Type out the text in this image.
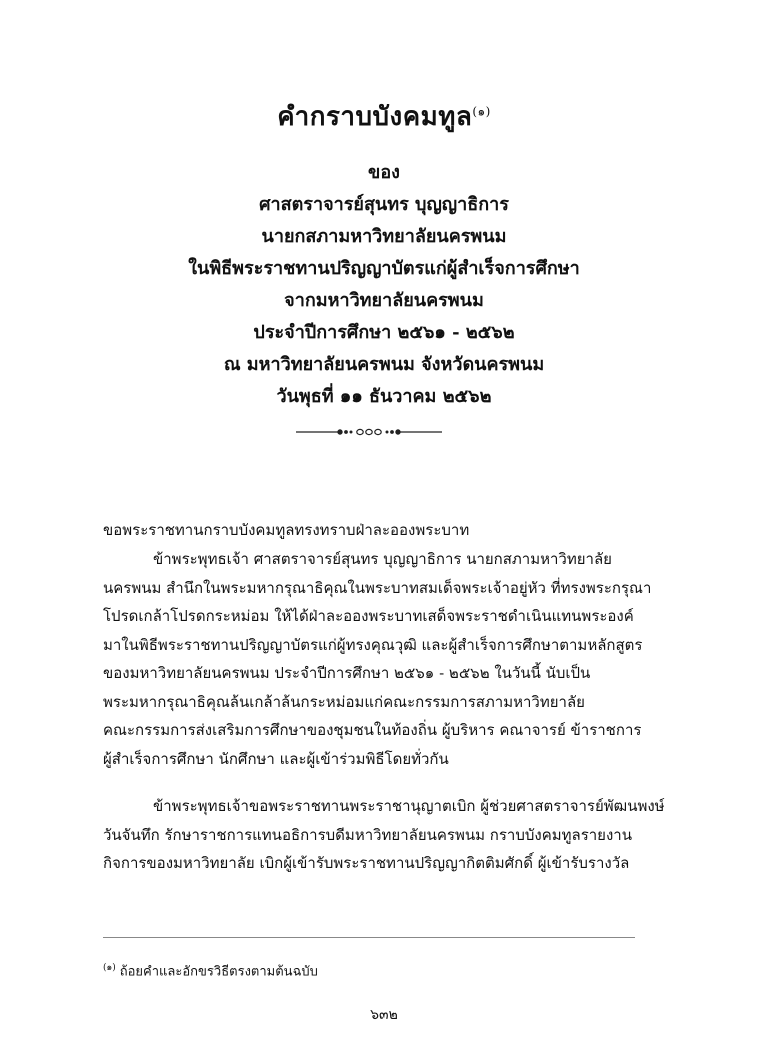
คำกราบบังคมทูล$^{(๑)}$
ของ
ศาสตราจารย์สุนทร บุญญาธิการ
นายกสภามหาวิทยาลัยนครพนม
ในพิธีพระราชทานปริญญาบัตรแก่ผู้สำเร็จการศึกษา
จากมหาวิทยาลัยนครพนม
ประจำปีการศึกษา ๒๕๖๑ - ๒๕๖๒
ณ มหาวิทยาลัยนครพนม จังหวัดนครพนม
วันพุธที่ ๑๑ ธันวาคม ๒๕๖๒

ขอพระราชทานกราบบังคมทูลทรงทราบฝ่าละอองพระบาท

ข้าพระพุทธเจ้า ศาสตราจารย์สุนทร บุญญาธิการ นายกสภามหาวิทยาลัย
นครพนม สำนึกในพระมหากรุณาธิคุณในพระบาทสมเด็จพระเจ้าอยู่หัว ที่ทรงพระกรุณา
โปรดเกล้าโปรดกระหม่อม ให้ได้ฝ่าละอองพระบาทเสด็จพระราชดำเนินแทนพระองค์
มาในพิธีพระราชทานปริญญาบัตรแก่ผู้ทรงคุณวุฒิ และผู้สำเร็จการศึกษาตามหลักสูตร
ของมหาวิทยาลัยนครพนม ประจำปีการศึกษา ๒๕๖๑ - ๒๕๖๒ ในวันนี้ นับเป็น
พระมหากรุณาธิคุณล้นเกล้าล้นกระหม่อมแก่คณะกรรมการสภามหาวิทยาลัย
คณะกรรมการส่งเสริมการศึกษาของชุมชนในท้องถิ่น ผู้บริหาร คณาจารย์ ข้าราชการ
ผู้สำเร็จการศึกษา นักศึกษา และผู้เข้าร่วมพิธีโดยทั่วกัน

ข้าพระพุทธเจ้าขอพระราชทานพระราชานุญาตเบิก ผู้ช่วยศาสตราจารย์พัฒนพงษ์
วันจันทึก รักษาราชการแทนอธิการบดีมหาวิทยาลัยนครพนม กราบบังคมทูลรายงาน
กิจการของมหาวิทยาลัย เบิกผู้เข้ารับพระราชทานปริญญากิตติมศักดิ์ ผู้เข้ารับรางวัล

$^{(๑)}$ ถ้อยคำและอักขรวิธีตรงตามต้นฉบับ

๖๓๒
